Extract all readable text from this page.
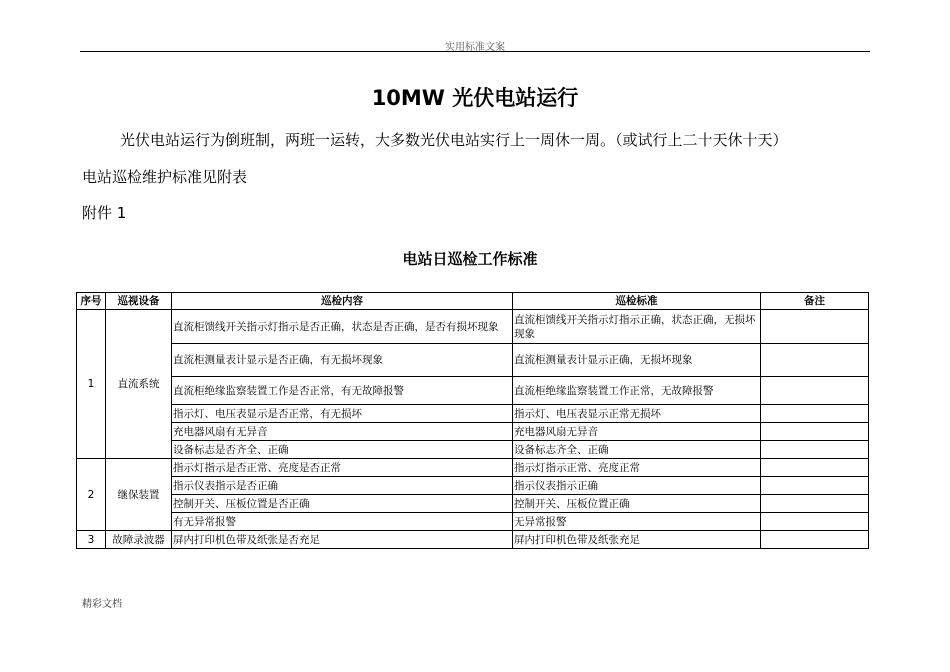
实用标准文案
10MW 光伏电站运行
光伏电站运行为倒班制，两班一运转，大多数光伏电站实行上一周休一周。（或试行上二十天休十天）
电站巡检维护标准见附表
附件 1
电站日巡检工作标准
序号	巡视设备	巡检内容	巡检标准	备注
1	直流系统	直流柜馈线开关指示灯指示是否正确，状态是否正确，是否有损坏现象	直流柜馈线开关指示灯指示正确，状态正确，无损坏现象	
		直流柜测量表计显示是否正确，有无损坏现象	直流柜测量表计显示正确，无损坏现象	
		直流柜绝缘监察装置工作是否正常，有无故障报警	直流柜绝缘监察装置工作正常，无故障报警	
		指示灯、电压表显示是否正常，有无损坏	指示灯、电压表显示正常无损坏	
		充电器风扇有无异音	充电器风扇无异音	
		设备标志是否齐全、正确	设备标志齐全、正确	
2	继保装置	指示灯指示是否正常、亮度是否正常	指示灯指示正常、亮度正常	
		指示仪表指示是否正确	指示仪表指示正确	
		控制开关、压板位置是否正确	控制开关、压板位置正确	
		有无异常报警	无异常报警	
3	故障录波器	屏内打印机色带及纸张是否充足	屏内打印机色带及纸张充足	
精彩文档
